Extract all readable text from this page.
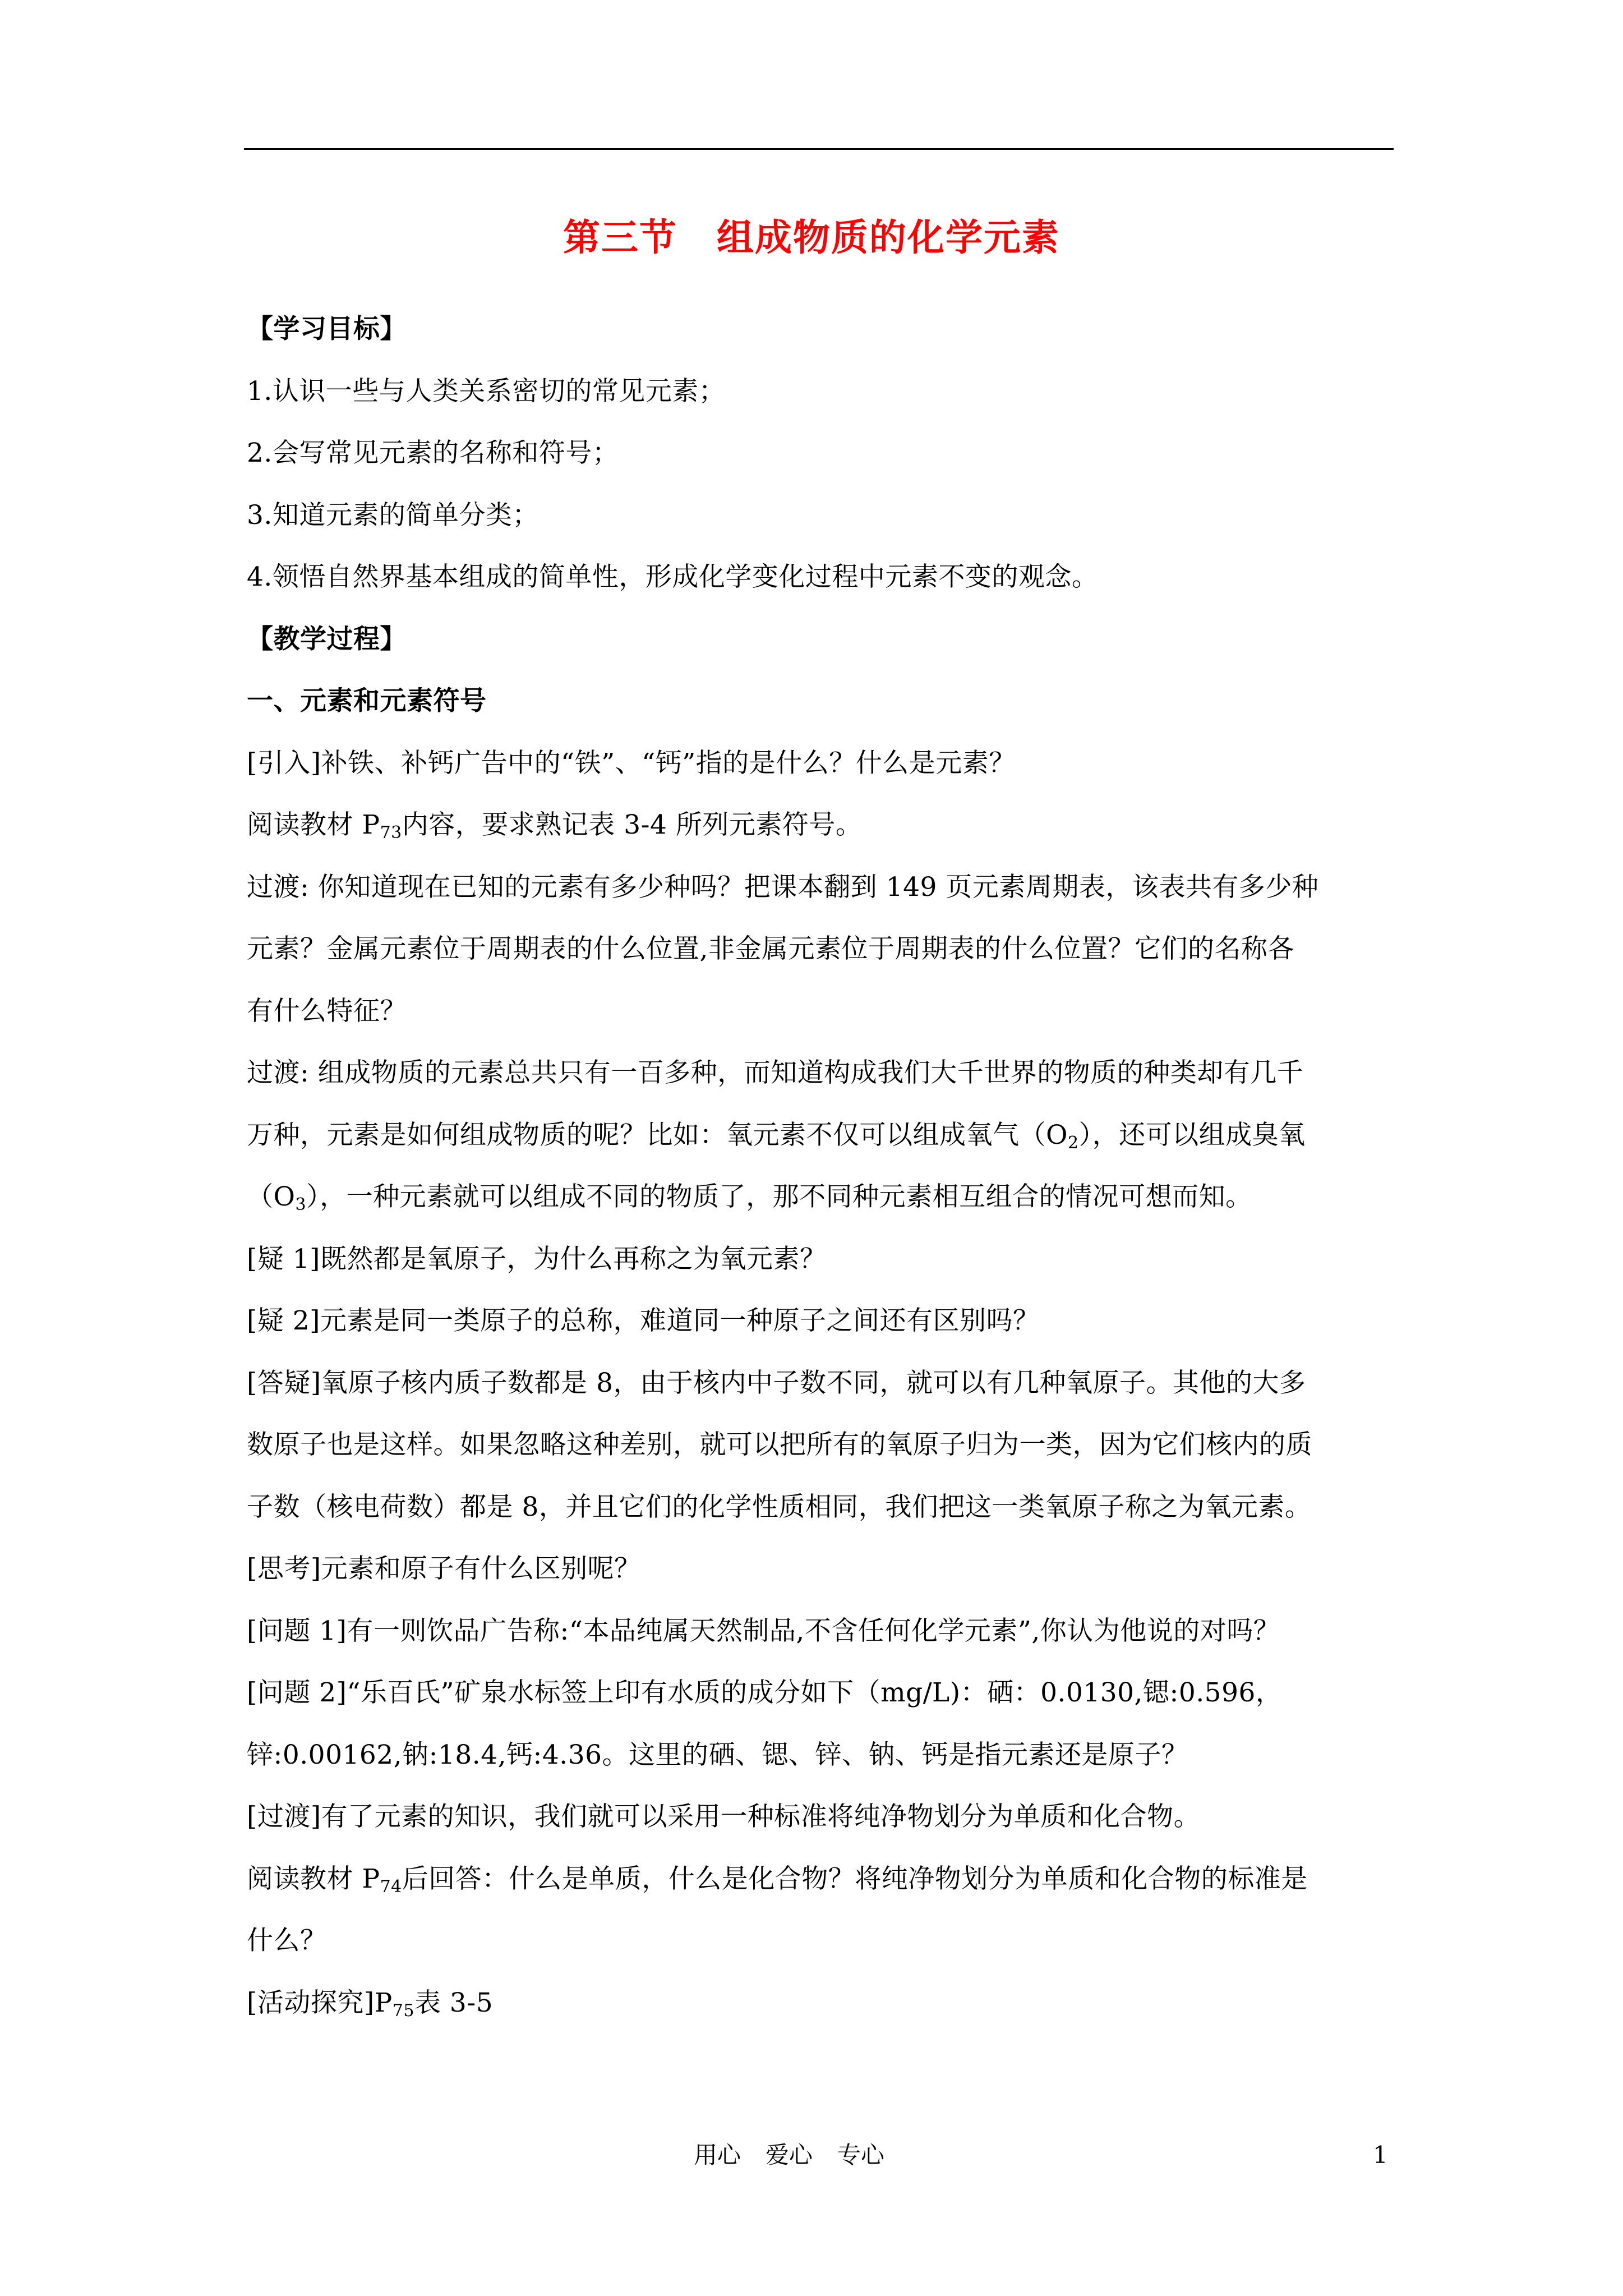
第三节 组成物质的化学元素
【学习目标】
1.认识一些与人类关系密切的常见元素；
2.会写常见元素的名称和符号；
3.知道元素的简单分类；
4.领悟自然界基本组成的简单性，形成化学变化过程中元素不变的观念。
【教学过程】
一、元素和元素符号
[引入]补铁、补钙广告中的“铁”、“钙”指的是什么？什么是元素？
阅读教材 $P_{73}$内容，要求熟记表 3-4 所列元素符号。
过渡: 你知道现在已知的元素有多少种吗？把课本翻到 149 页元素周期表，该表共有多少种
元素？金属元素位于周期表的什么位置,非金属元素位于周期表的什么位置？它们的名称各
有什么特征？
过渡: 组成物质的元素总共只有一百多种，而知道构成我们大千世界的物质的种类却有几千
万种，元素是如何组成物质的呢？比如：氧元素不仅可以组成氧气$(O_2)$，还可以组成臭氧
$(O_3)$，一种元素就可以组成不同的物质了，那不同种元素相互组合的情况可想而知。
[疑 1]既然都是氧原子，为什么再称之为氧元素？
[疑 2]元素是同一类原子的总称，难道同一种原子之间还有区别吗？
[答疑]氧原子核内质子数都是 8，由于核内中子数不同，就可以有几种氧原子。其他的大多
数原子也是这样。如果忽略这种差别，就可以把所有的氧原子归为一类，因为它们核内的质
子数（核电荷数）都是 8，并且它们的化学性质相同，我们把这一类氧原子称之为氧元素。
[思考]元素和原子有什么区别呢？
[问题 1]有一则饮品广告称:“本品纯属天然制品,不含任何化学元素”,你认为他说的对吗？
[问题 2]“乐百氏”矿泉水标签上印有水质的成分如下（mg/L)：硒：0.0130,锶:0.596，
锌:0.00162,钠:18.4,钙:4.36。这里的硒、锶、锌、钠、钙是指元素还是原子？
[过渡]有了元素的知识，我们就可以采用一种标准将纯净物划分为单质和化合物。
阅读教材 $P_{74}$后回答：什么是单质，什么是化合物？将纯净物划分为单质和化合物的标准是
什么？
[活动探究]$P_{75}$表 3-5
用心 爱心 专心	1
